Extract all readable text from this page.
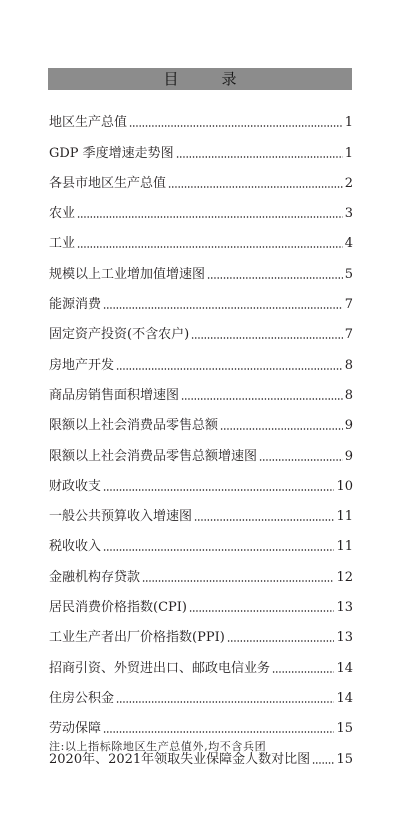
目　录
地区生产总值	1
GDP 季度增速走势图	1
各县市地区生产总值	2
农业	3
工业	4
规模以上工业增加值增速图	5
能源消费	7
固定资产投资(不含农户)	7
房地产开发	8
商品房销售面积增速图	8
限额以上社会消费品零售总额	9
限额以上社会消费品零售总额增速图	9
财政收支	10
一般公共预算收入增速图	11
税收收入	11
金融机构存贷款	12
居民消费价格指数(CPI)	13
工业生产者出厂价格指数(PPI)	13
招商引资、外贸进出口、邮政电信业务	14
住房公积金	14
劳动保障	15
2020年、2021年领取失业保障金人数对比图 15
注:以上指标除地区生产总值外,均不含兵团
